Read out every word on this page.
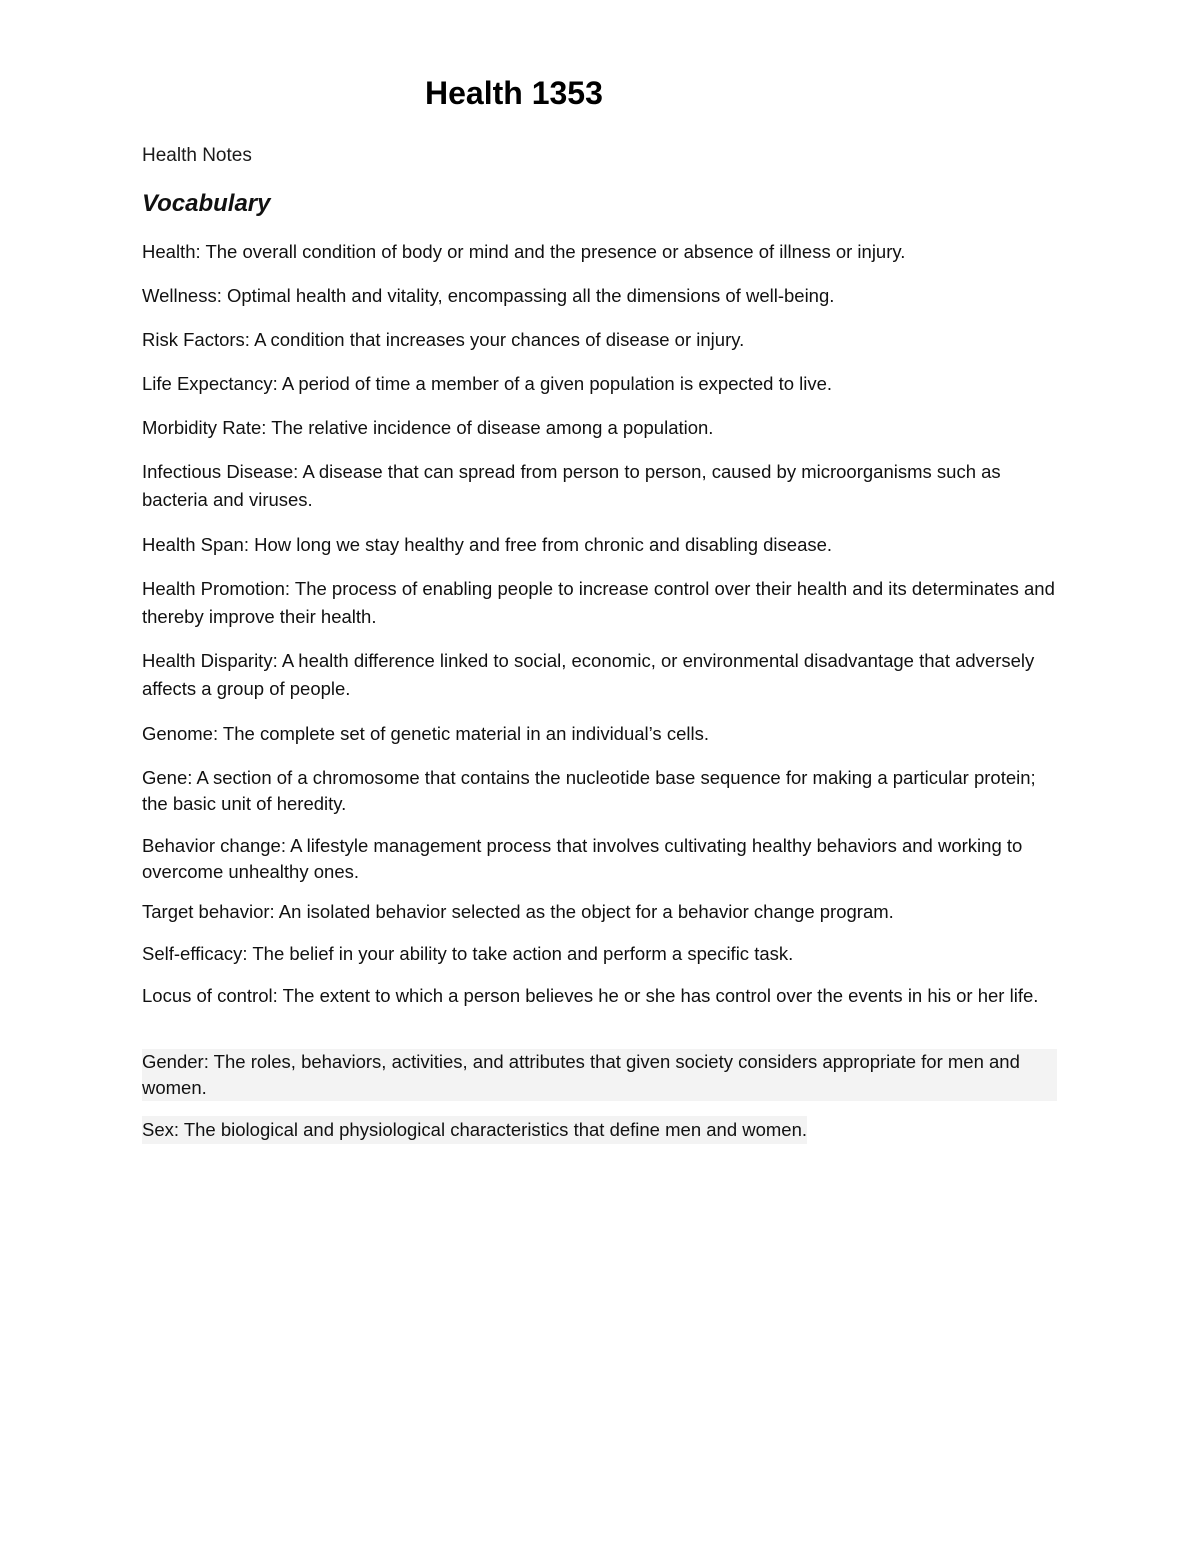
Health 1353

Health Notes

Vocabulary

Health: The overall condition of body or mind and the presence or absence of illness or injury.

Wellness: Optimal health and vitality, encompassing all the dimensions of well-being.

Risk Factors: A condition that increases your chances of disease or injury.

Life Expectancy: A period of time a member of a given population is expected to live.

Morbidity Rate: The relative incidence of disease among a population.

Infectious Disease: A disease that can spread from person to person, caused by microorganisms such as bacteria and viruses.

Health Span: How long we stay healthy and free from chronic and disabling disease.

Health Promotion: The process of enabling people to increase control over their health and its determinates and thereby improve their health.

Health Disparity: A health difference linked to social, economic, or environmental disadvantage that adversely affects a group of people.

Genome: The complete set of genetic material in an individual’s cells.

Gene: A section of a chromosome that contains the nucleotide base sequence for making a particular protein; the basic unit of heredity.

Behavior change: A lifestyle management process that involves cultivating healthy behaviors and working to overcome unhealthy ones.

Target behavior: An isolated behavior selected as the object for a behavior change program.

Self-efficacy: The belief in your ability to take action and perform a specific task.

Locus of control: The extent to which a person believes he or she has control over the events in his or her life.

Gender: The roles, behaviors, activities, and attributes that given society considers appropriate for men and women.

Sex: The biological and physiological characteristics that define men and women.
